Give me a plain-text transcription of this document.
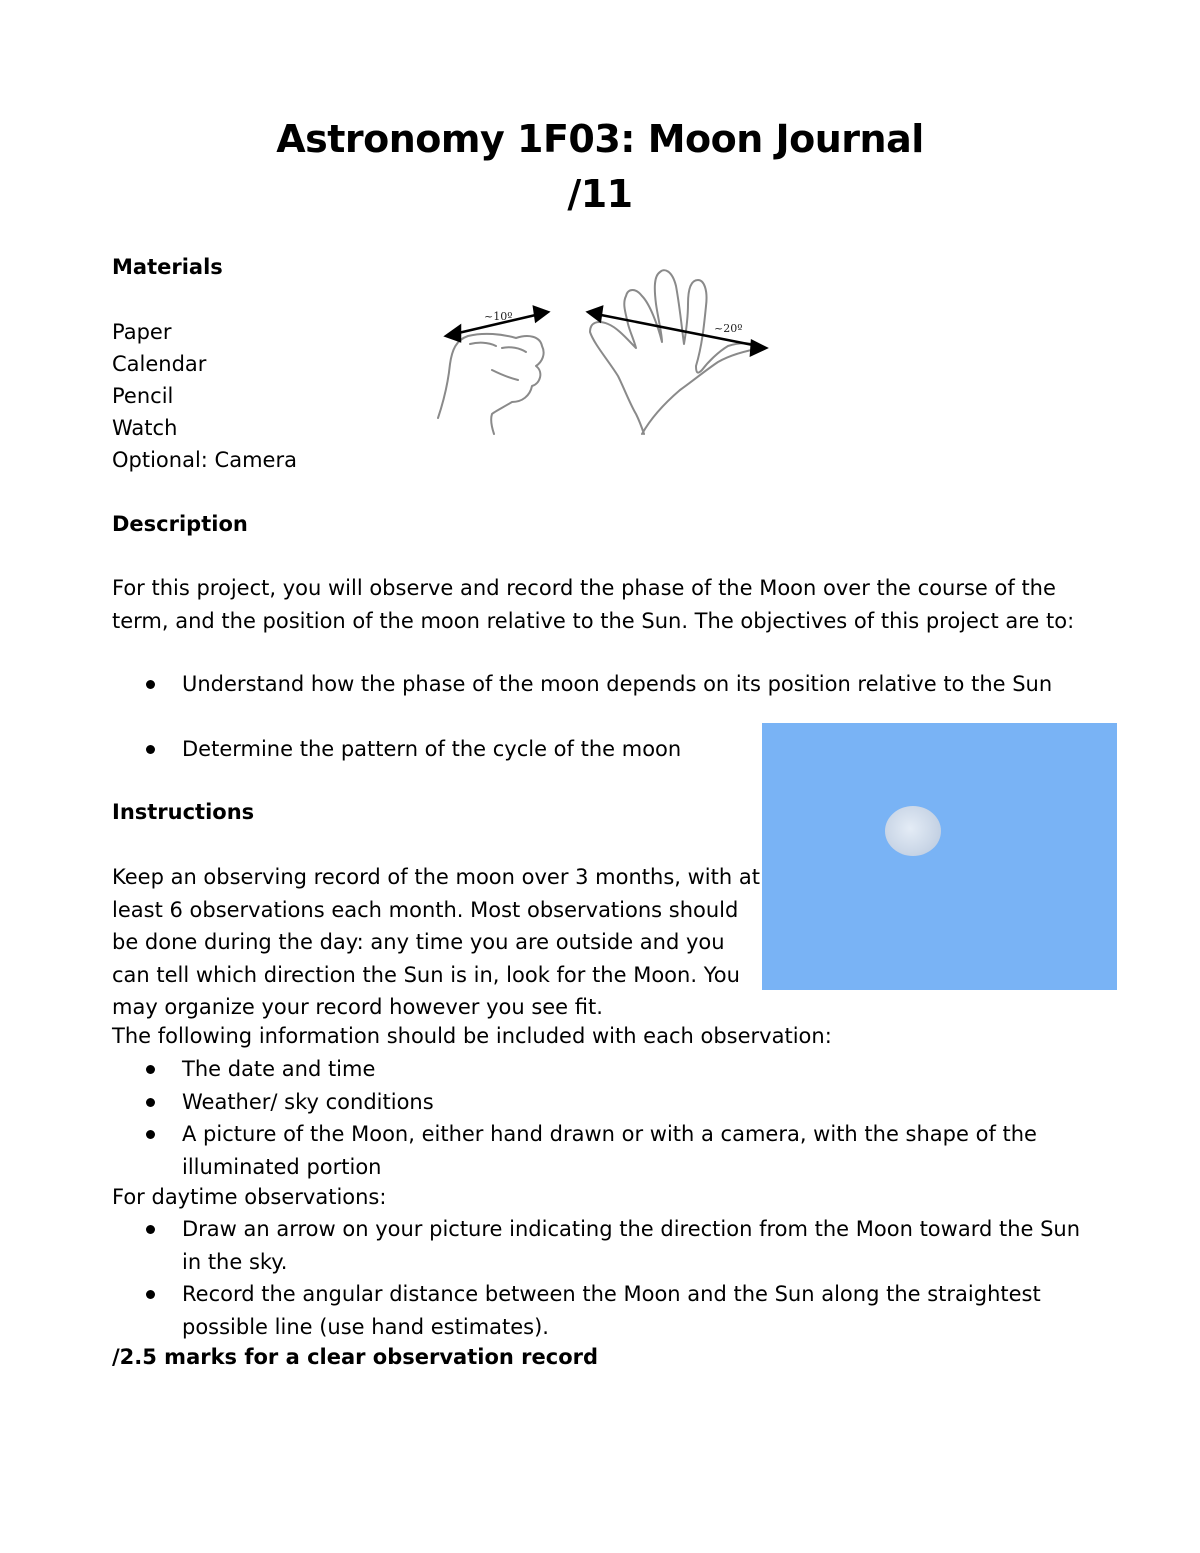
Astronomy 1F03: Moon Journal
/11
Materials
Paper
Calendar
Pencil
Watch
Optional: Camera
~10º
~20º
Description
For this project, you will observe and record the phase of the Moon over the course of the term, and the position of the moon relative to the Sun. The objectives of this project are to:
Understand how the phase of the moon depends on its position relative to the Sun
Determine the pattern of the cycle of the moon
Instructions
Keep an observing record of the moon over 3 months, with at least 6 observations each month. Most observations should be done during the day: any time you are outside and you can tell which direction the Sun is in, look for the Moon. You may organize your record however you see fit.
The following information should be included with each observation:
The date and time
Weather/ sky conditions
A picture of the Moon, either hand drawn or with a camera, with the shape of the illuminated portion
For daytime observations:
Draw an arrow on your picture indicating the direction from the Moon toward the Sun in the sky.
Record the angular distance between the Moon and the Sun along the straightest possible line (use hand estimates).
/2.5 marks for a clear observation record
